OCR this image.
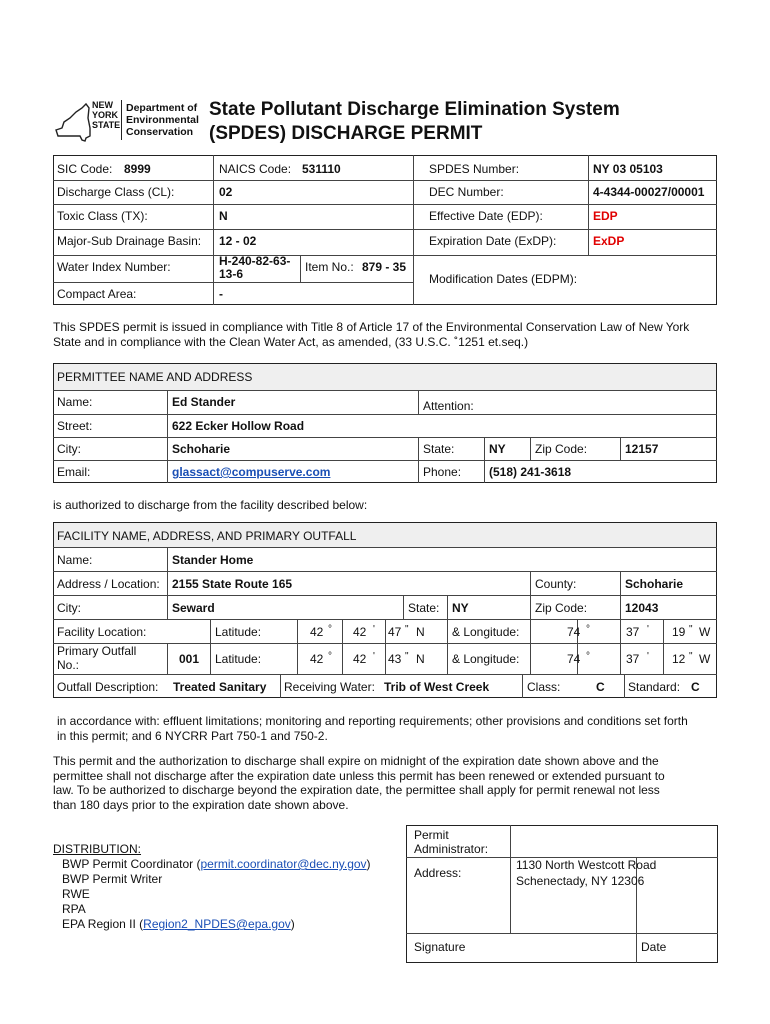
NEW
YORK
STATE
Department of
Environmental
Conservation
State Pollutant Discharge Elimination System
(SPDES) DISCHARGE PERMIT
SIC Code: 8999	NAICS Code: 531110	SPDES Number:	NY 03 05103
Discharge Class (CL):	02	DEC Number:	4-4344-00027/00001
Toxic Class (TX):	N	Effective Date (EDP):	EDP
Major-Sub Drainage Basin: 12 - 02	Expiration Date (ExDP):	ExDP
Water Index Number:	H-240-82-63-
13-6	Item No.: 879 - 35
Modification Dates (EDPM):
Compact Area:	-
This SPDES permit is issued in compliance with Title 8 of Article 17 of the Environmental Conservation Law of New York
State and in compliance with the Clean Water Act, as amended, (33 U.S.C. ˚1251 et.seq.)
PERMITTEE NAME AND ADDRESS
Name:	Ed Stander	Attention:
Street:	622 Ecker Hollow Road
City:	Schoharie	State:	NY Zip Code:	12157
Email:	glassact@compuserve.com	Phone: (518) 241-3618
is authorized to discharge from the facility described below:
FACILITY NAME, ADDRESS, AND PRIMARY OUTFALL
Name:	Stander Home
Address / Location: 2155 State Route 165	County:	Schoharie
City:	Seward	State: NY	Zip Code:	12043
Facility Location:	Latitude:	42 ° 42 ' 47 " N & Longitude:	74 °	37 ' 19 " W
Primary Outfall
No.:	001 Latitude:	42 ° 42 ' 43 " N & Longitude:	74 °	37 ' 12 " W
Outfall Description: Treated Sanitary Receiving Water: Trib of West Creek	Class:	C Standard: C
in accordance with: effluent limitations; monitoring and reporting requirements; other provisions and conditions set forth
in this permit; and 6 NYCRR Part 750-1 and 750-2.
This permit and the authorization to discharge shall expire on midnight of the expiration date shown above and the
permittee shall not discharge after the expiration date unless this permit has been renewed or extended pursuant to
law. To be authorized to discharge beyond the expiration date, the permittee shall apply for permit renewal not less
than 180 days prior to the expiration date shown above.
DISTRIBUTION:
BWP Permit Coordinator (permit.coordinator@dec.ny.gov)
BWP Permit Writer
RWE
RPA
EPA Region II (Region2_NPDES@epa.gov)
Permit
Administrator:
Address:
1130 North Westcott Road
Schenectady, NY 12306
Signature	Date
